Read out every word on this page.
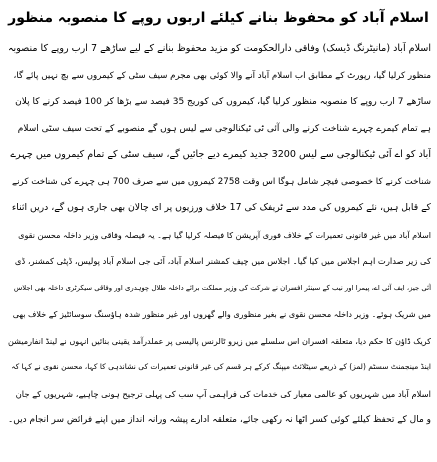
اسلام آباد کو محفوظ بنانے کیلئے اربوں روپے کا منصوبہ منظور
اسلام آباد (مانیٹرنگ ڈیسک) وفاقی دارالحکومت کو مزید محفوظ بنانے کے لیے ساڑھے 7 ارب روپے کا منصوبہ
منظور کرلیا گیا، رپورٹ کے مطابق اب اسلام آباد آنے والا کوئی بھی مجرم سیف سٹی کے کیمروں سے بچ نہیں پائے گا،
ساڑھے 7 ارب روپے کا منصوبہ منظور کرلیا گیا، کیمروں کی کوریج 35 فیصد سے بڑھا کر 100 فیصد کرنے کا پلان
ہے تمام کیمرے چہرے شناخت کرنے والی آئی ٹی ٹیکنالوجی سے لیس ہوں گے منصوبے کے تحت سیف سٹی اسلام
آباد کو اے آئی ٹیکنالوجی سے لیس 3200 جدید کیمرے دیے جائیں گے، سیف سٹی کے تمام کیمروں میں چہرے
شناخت کرنے کا خصوصی فیچر شامل ہوگا اس وقت 2758 کیمروں میں سے صرف 700 ہی چہرے کی شناخت کرنے
کے قابل ہیں، نئے کیمروں کی مدد سے ٹریفک کی 17 خلاف ورزیوں پر ای چالان بھی جاری ہوں گے، دریں اثناء
اسلام آباد میں غیر قانونی تعمیرات کے خلاف فوری آپریشن کا فیصلہ کرلیا گیا ہے۔ یہ فیصلہ وفاقی وزیر داخلہ محسن نقوی
کی زیر صدارت اہم اجلاس میں کیا گیا۔ اجلاس میں چیف کمشنر اسلام آباد، آئی جی اسلام آباد پولیس، ڈپٹی کمشنر، ڈی
آئی جیز، ایف آئی اے، پیمرا اور نیب کے سینئر افسران نے شرکت کی وزیر مملکت برائے داخلہ طلال چوہدری اور وفاقی سیکرٹری داخلہ بھی اجلاس
میں شریک ہوئے۔ وزیر داخلہ محسن نقوی نے بغیر منظوری والے گھروں اور غیر منظور شدہ ہاؤسنگ سوسائٹیز کے خلاف بھی
کریک ڈاؤن کا حکم دیا، متعلقہ افسران اس سلسلے میں زیرو ٹالرنس پالیسی پر عملدرآمد یقینی بنائیں انہوں نے لینڈ انفارمیشن
اینڈ مینجمنٹ سسٹم (لمز) کے ذریعے سیٹلائٹ میپنگ کرکے ہر قسم کی غیر قانونی تعمیرات کی نشاندہی کا کہا، محسن نقوی نے کہا کہ
اسلام آباد میں شہریوں کو عالمی معیار کی خدمات کی فراہمی آپ سب کی پہلی ترجیح ہونی چاہیے، شہریوں کے جان
و مال کے تحفظ کیلئے کوئی کسر اٹھا نہ رکھی جائے، متعلقہ ادارے پیشہ ورانہ انداز میں اپنے فرائض سر انجام دیں۔
